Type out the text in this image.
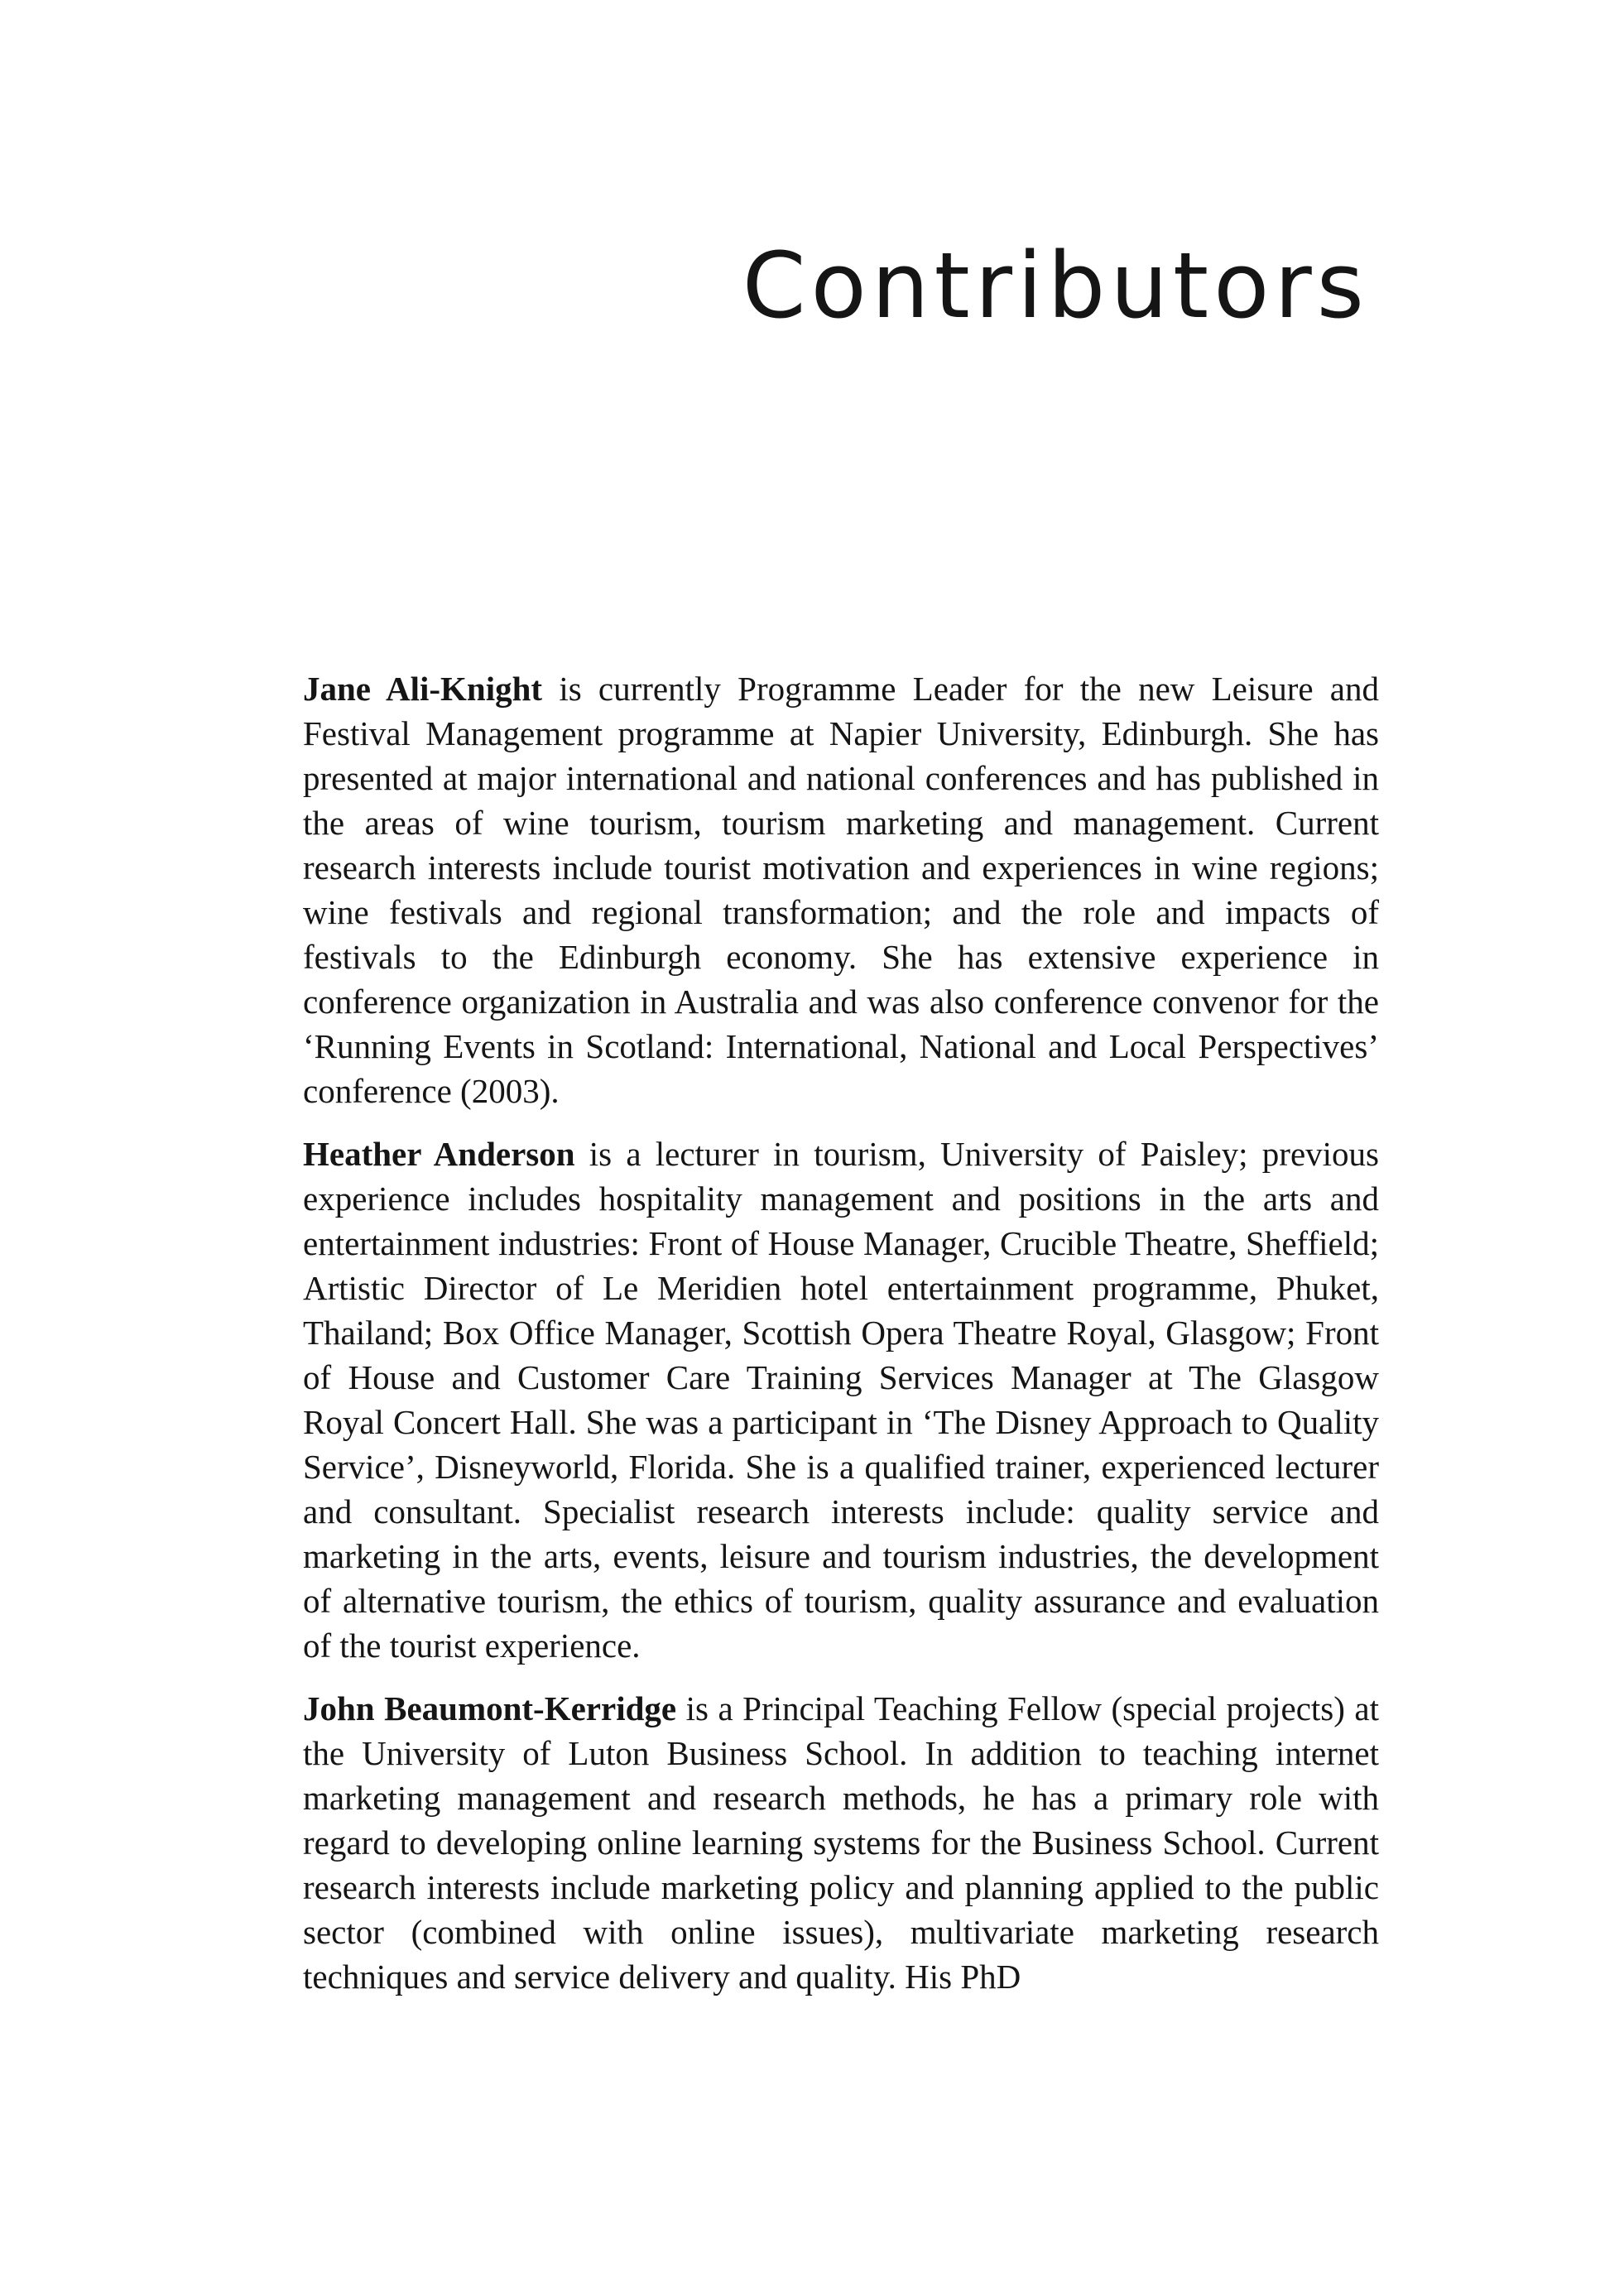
Contributors

Jane Ali-Knight is currently Programme Leader for the new Leisure and Festival Management programme at Napier University, Edinburgh. She has presented at major international and national conferences and has published in the areas of wine tourism, tourism marketing and management. Current research interests include tourist motivation and experiences in wine regions; wine festivals and regional transformation; and the role and impacts of festivals to the Edinburgh economy. She has extensive experience in conference organization in Australia and was also conference convenor for the ‘Running Events in Scotland: International, National and Local Perspectives’ conference (2003).

Heather Anderson is a lecturer in tourism, University of Paisley; previous experience includes hospitality management and positions in the arts and entertainment industries: Front of House Manager, Crucible Theatre, Sheffield; Artistic Director of Le Meridien hotel entertainment programme, Phuket, Thailand; Box Office Manager, Scottish Opera Theatre Royal, Glasgow; Front of House and Customer Care Training Services Manager at The Glasgow Royal Concert Hall. She was a participant in ‘The Disney Approach to Quality Service’, Disneyworld, Florida. She is a qualified trainer, experienced lecturer and consultant. Specialist research interests include: quality service and marketing in the arts, events, leisure and tourism industries, the development of alternative tourism, the ethics of tourism, quality assurance and evaluation of the tourist experience.

John Beaumont-Kerridge is a Principal Teaching Fellow (special projects) at the University of Luton Business School. In addition to teaching internet marketing management and research methods, he has a primary role with regard to developing online learning systems for the Business School. Current research interests include marketing policy and planning applied to the public sector (combined with online issues), multivariate marketing research techniques and service delivery and quality. His PhD
